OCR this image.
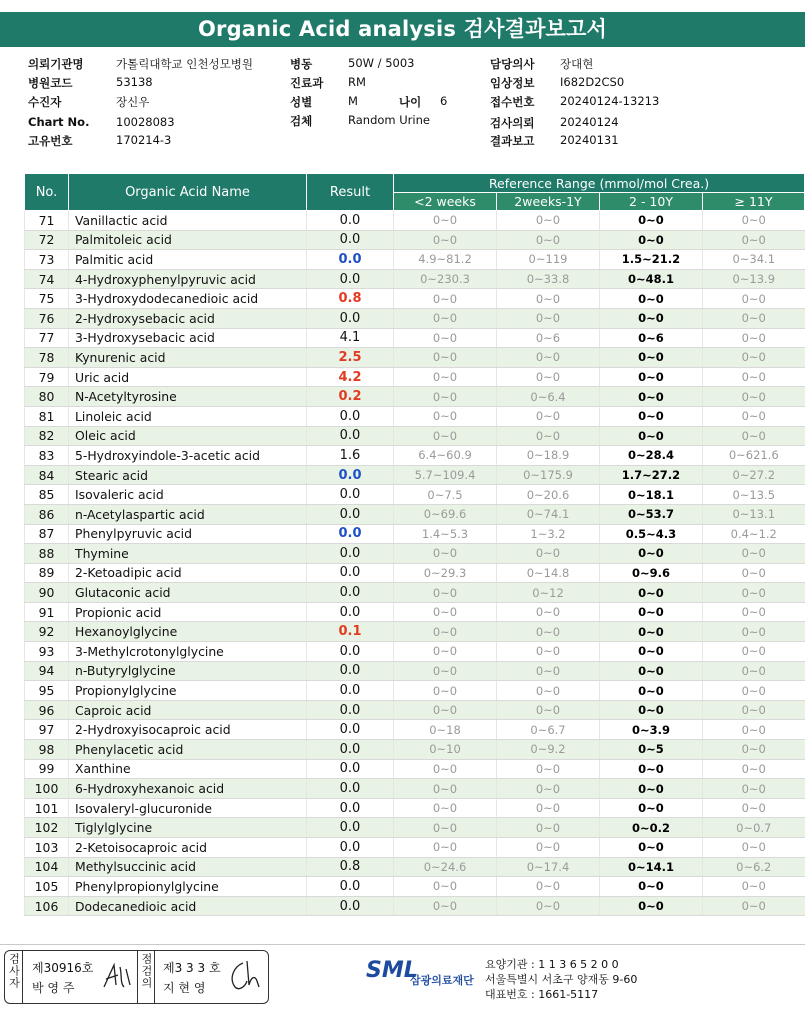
Organic Acid analysis 검사결과보고서
의뢰기관명	가톨릭대학교 인천성모병원
병원코드	53138
수진자	장신우
Chart No. 10028083
고유번호	170214-3
병동	50W / 5003
진료과 RM
성별	M	나이 6
검체	Random Urine
담당의사 장대현
임상정보 I682D2CS0
접수번호 20240124-13213
검사의뢰 20240124
결과보고 20240131
No.	Organic Acid Name	Result	Reference Range (mmol/mol Crea.)			
			<2 weeks	2weeks-1Y	2 - 10Y	≥ 11Y
71	Vanillactic acid	0.0	0~0	0~0	0~0	0~0
72	Palmitoleic acid	0.0	0~0	0~0	0~0	0~0
73	Palmitic acid	0.0	4.9~81.2	0~119	1.5~21.2	0~34.1
74	4-Hydroxyphenylpyruvic acid	0.0	0~230.3	0~33.8	0~48.1	0~13.9
75	3-Hydroxydodecanedioic acid	0.8	0~0	0~0	0~0	0~0
76	2-Hydroxysebacic acid	0.0	0~0	0~0	0~0	0~0
77	3-Hydroxysebacic acid	4.1	0~0	0~6	0~6	0~0
78	Kynurenic acid	2.5	0~0	0~0	0~0	0~0
79	Uric acid	4.2	0~0	0~0	0~0	0~0
80	N-Acetyltyrosine	0.2	0~0	0~6.4	0~0	0~0
81	Linoleic acid	0.0	0~0	0~0	0~0	0~0
82	Oleic acid	0.0	0~0	0~0	0~0	0~0
83	5-Hydroxyindole-3-acetic acid	1.6	6.4~60.9	0~18.9	0~28.4	0~621.6
84	Stearic acid	0.0	5.7~109.4	0~175.9	1.7~27.2	0~27.2
85	Isovaleric acid	0.0	0~7.5	0~20.6	0~18.1	0~13.5
86	n-Acetylaspartic acid	0.0	0~69.6	0~74.1	0~53.7	0~13.1
87	Phenylpyruvic acid	0.0	1.4~5.3	1~3.2	0.5~4.3	0.4~1.2
88	Thymine	0.0	0~0	0~0	0~0	0~0
89	2-Ketoadipic acid	0.0	0~29.3	0~14.8	0~9.6	0~0
90	Glutaconic acid	0.0	0~0	0~12	0~0	0~0
91	Propionic acid	0.0	0~0	0~0	0~0	0~0
92	Hexanoylglycine	0.1	0~0	0~0	0~0	0~0
93	3-Methylcrotonylglycine	0.0	0~0	0~0	0~0	0~0
94	n-Butyrylglycine	0.0	0~0	0~0	0~0	0~0
95	Propionylglycine	0.0	0~0	0~0	0~0	0~0
96	Caproic acid	0.0	0~0	0~0	0~0	0~0
97	2-Hydroxyisocaproic acid	0.0	0~18	0~6.7	0~3.9	0~0
98	Phenylacetic acid	0.0	0~10	0~9.2	0~5	0~0
99	Xanthine	0.0	0~0	0~0	0~0	0~0
100	6-Hydroxyhexanoic acid	0.0	0~0	0~0	0~0	0~0
101	Isovaleryl-glucuronide	0.0	0~0	0~0	0~0	0~0
102	Tiglylglycine	0.0	0~0	0~0	0~0.2	0~0.7
103	2-Ketoisocaproic acid	0.0	0~0	0~0	0~0	0~0
104	Methylsuccinic acid	0.8	0~24.6	0~17.4	0~14.1	0~6.2
105	Phenylpropionylglycine	0.0	0~0	0~0	0~0	0~0
106	Dodecanedioic acid	0.0	0~0	0~0	0~0	0~0
검사자 제30916호
박 영 주	점검의 제3 3 3 호
지 현 영
SML
삼광의료재단
요양기관 : 1 1 3 6 5 2 0 0
서울특별시 서초구 양재동 9-60
대표번호 : 1661-5117
